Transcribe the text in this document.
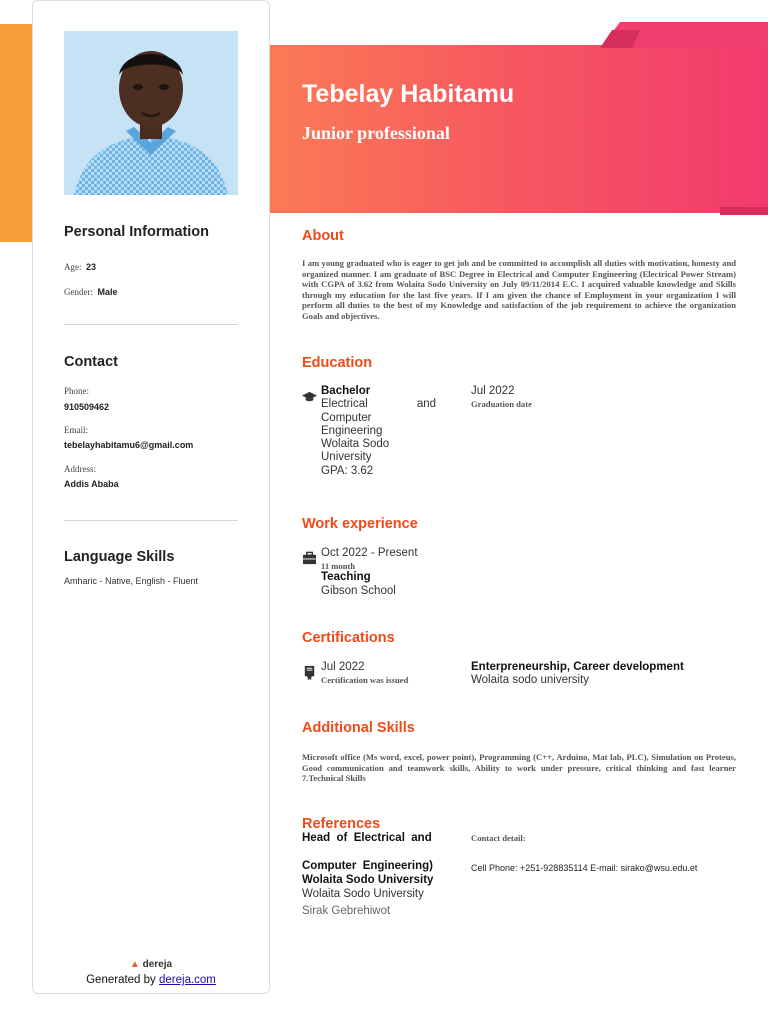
Personal Information
Age: 23
Gender: Male
Contact
Phone:
910509462
Email:
tebelayhabitamu6@gmail.com
Address:
Addis Ababa
Language Skills
Amharic - Native, English - Fluent
▲ dereja
Generated by dereja.com
Tebelay Habitamu
Junior professional
About
I am young graduated who is eager to get job and be committed to accomplish all duties with motivation, honesty and organized manner. I am graduate of BSC Degree in Electrical and Computer Engineering (Electrical Power Stream) with CGPA of 3.62 from Wolaita Sodo University on July 09/11/2014 E.C. I acquired valuable knowledge and Skills through my education for the last five years. If I am given the chance of Employment in your organization I will perform all duties to the best of my Knowledge and satisfaction of the job requirement to achieve the organization Goals and objectives.
Education
Bachelor
Electrical	and
Computer
Engineering
Wolaita Sodo
University
GPA: 3.62
Jul 2022
Graduation date
Work experience
Oct 2022 - Present
11 month
Teaching
Gibson School
Certifications
Jul 2022
Certification was issued
Enterpreneurship, Career development
Wolaita sodo university
Additional Skills
Microsoft office (Ms word, excel, power point), Programming (C++, Arduino, Mat lab, PLC), Simulation on Proteus, Good communication and teamwork skills, Ability to work under pressure, critical thinking and fast learner 7.Technical Skills
References
Head  of  Electrical  and
Computer  Engineering)
Wolaita Sodo University
Wolaita Sodo University
Sirak Gebrehiwot
Contact detail:
Cell Phone: +251-928835114 E-mail: sirako@wsu.edu.et
